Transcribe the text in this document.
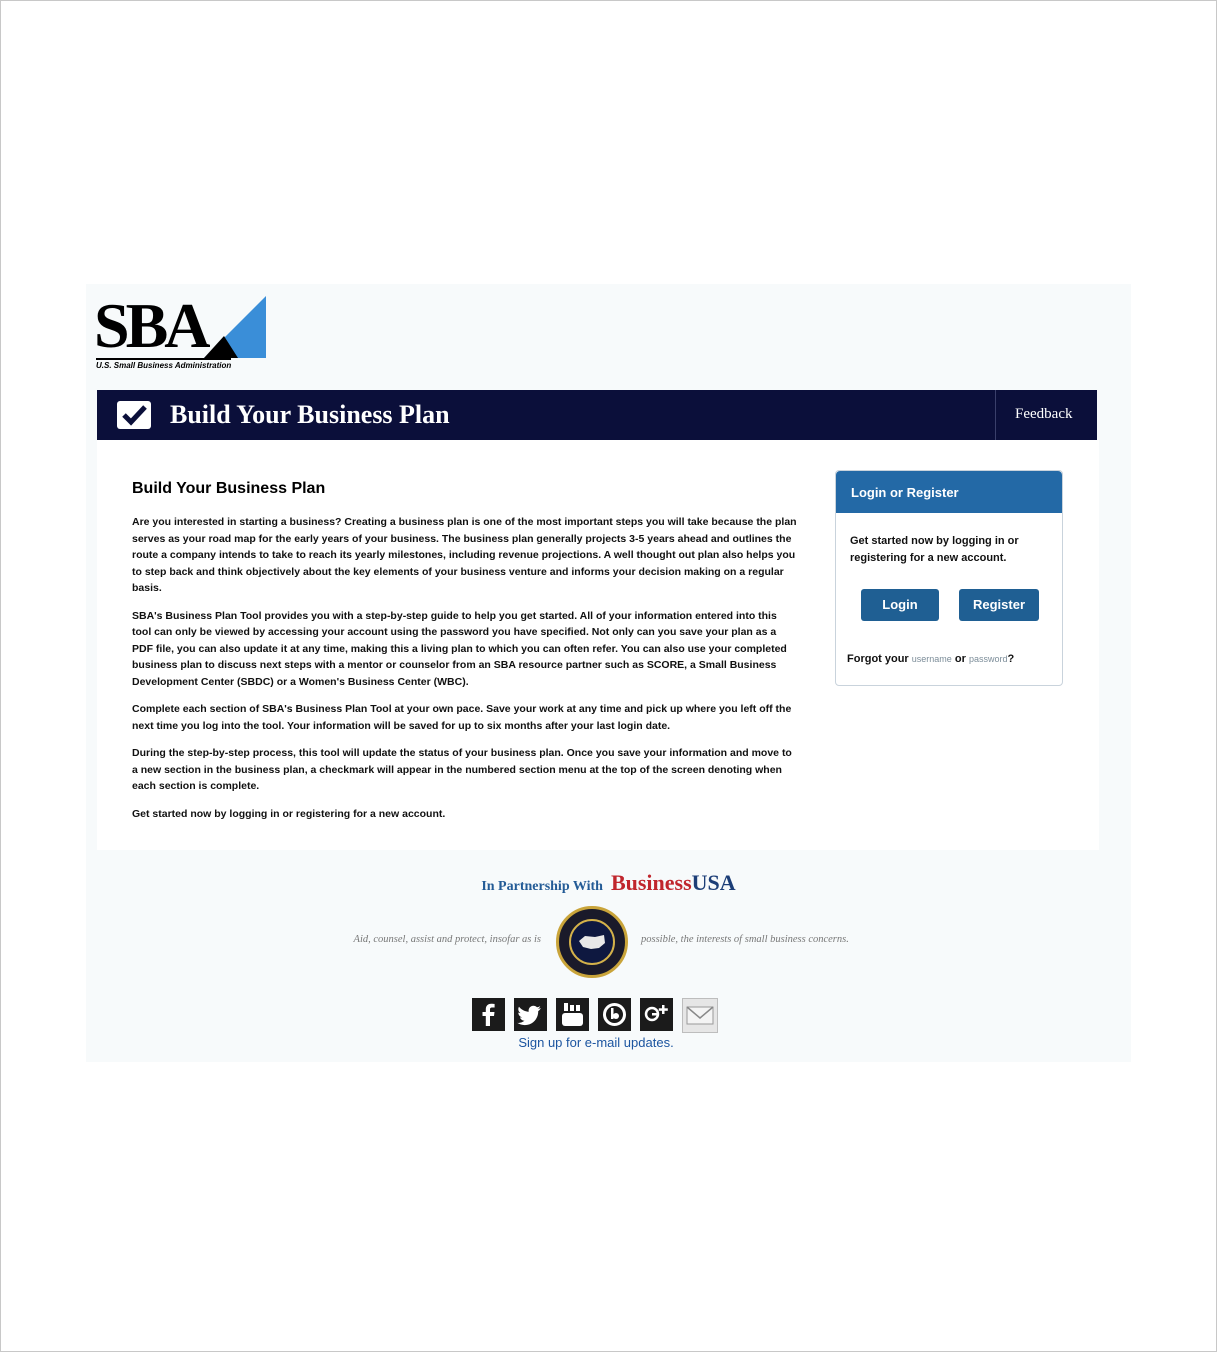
SBA
U.S. Small Business Administration
Build Your Business Plan	Feedback
Build Your Business Plan

Are you interested in starting a business? Creating a business plan is one of the most important steps you will take because the plan serves as your road map for the early years of your business. The business plan generally projects 3-5 years ahead and outlines the route a company intends to take to reach its yearly milestones, including revenue projections. A well thought out plan also helps you to step back and think objectively about the key elements of your business venture and informs your decision making on a regular basis.

SBA's Business Plan Tool provides you with a step-by-step guide to help you get started. All of your information entered into this tool can only be viewed by accessing your account using the password you have specified. Not only can you save your plan as a PDF file, you can also update it at any time, making this a living plan to which you can often refer. You can also use your completed business plan to discuss next steps with a mentor or counselor from an SBA resource partner such as SCORE, a Small Business Development Center (SBDC) or a Women's Business Center (WBC).

Complete each section of SBA's Business Plan Tool at your own pace. Save your work at any time and pick up where you left off the next time you log into the tool. Your information will be saved for up to six months after your last login date.

During the step-by-step process, this tool will update the status of your business plan. Once you save your information and move to a new section in the business plan, a checkmark will appear in the numbered section menu at the top of the screen denoting when each section is complete.

Get started now by logging in or registering for a new account.

Login or Register
Get started now by logging in or registering for a new account.
Login	Register
Forgot your username or password?
In Partnership With BusinessUSA
Aid, counsel, assist and protect, insofar as is	possible, the interests of small business concerns.
Sign up for e-mail updates.
